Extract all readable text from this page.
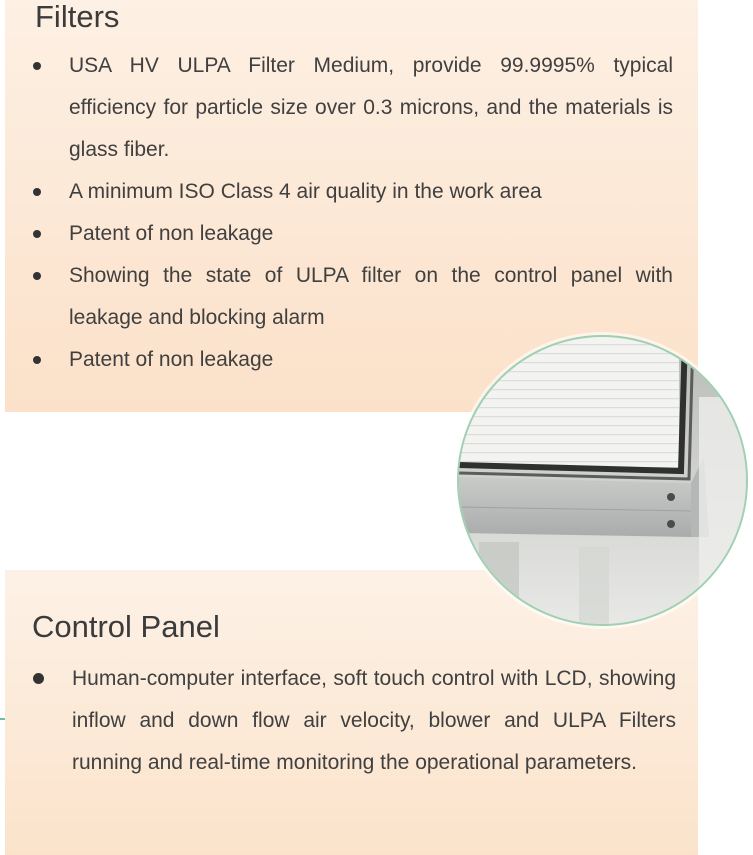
Filters
USA HV ULPA Filter Medium, provide 99.9995% typical efficiency for particle size over 0.3 microns, and the materials is glass fiber.
A minimum ISO Class 4 air quality in the work area
Patent of non leakage
Showing the state of ULPA filter on the control panel with leakage and blocking alarm
Patent of non leakage
Control Panel
Human-computer interface, soft touch control with LCD, showing inflow and down flow air velocity, blower and ULPA Filters running and real-time monitoring the operational parameters.
